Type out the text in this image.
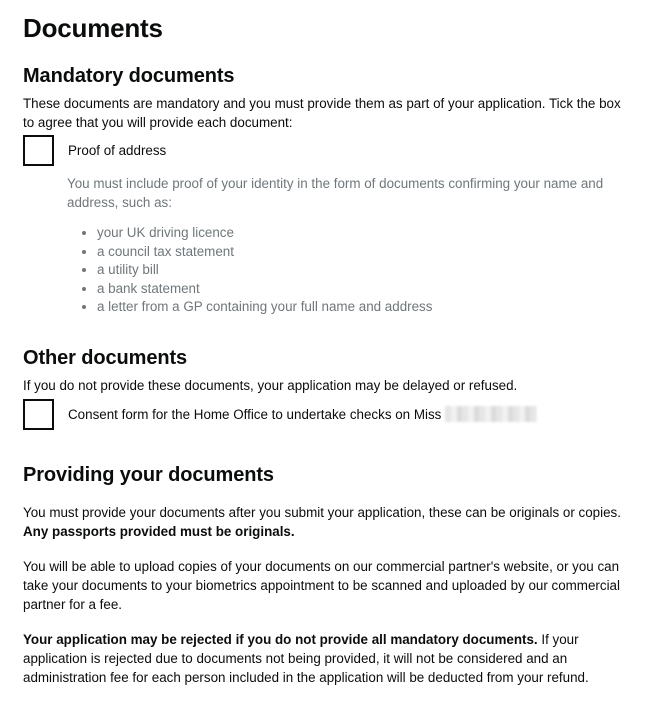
Documents
Mandatory documents

These documents are mandatory and you must provide them as part of your application. Tick the box to agree that you will provide each document:

Proof of address
You must include proof of your identity in the form of documents confirming your name and address, such as:
• your UK driving licence
• a council tax statement
• a utility bill
• a bank statement
• a letter from a GP containing your full name and address
Other documents

If you do not provide these documents, your application may be delayed or refused.

Consent form for the Home Office to undertake checks on Miss
Providing your documents

You must provide your documents after you submit your application, these can be originals or copies. Any passports provided must be originals.

You will be able to upload copies of your documents on our commercial partner's website, or you can take your documents to your biometrics appointment to be scanned and uploaded by our commercial partner for a fee.

Your application may be rejected if you do not provide all mandatory documents. If your application is rejected due to documents not being provided, it will not be considered and an administration fee for each person included in the application will be deducted from your refund.
